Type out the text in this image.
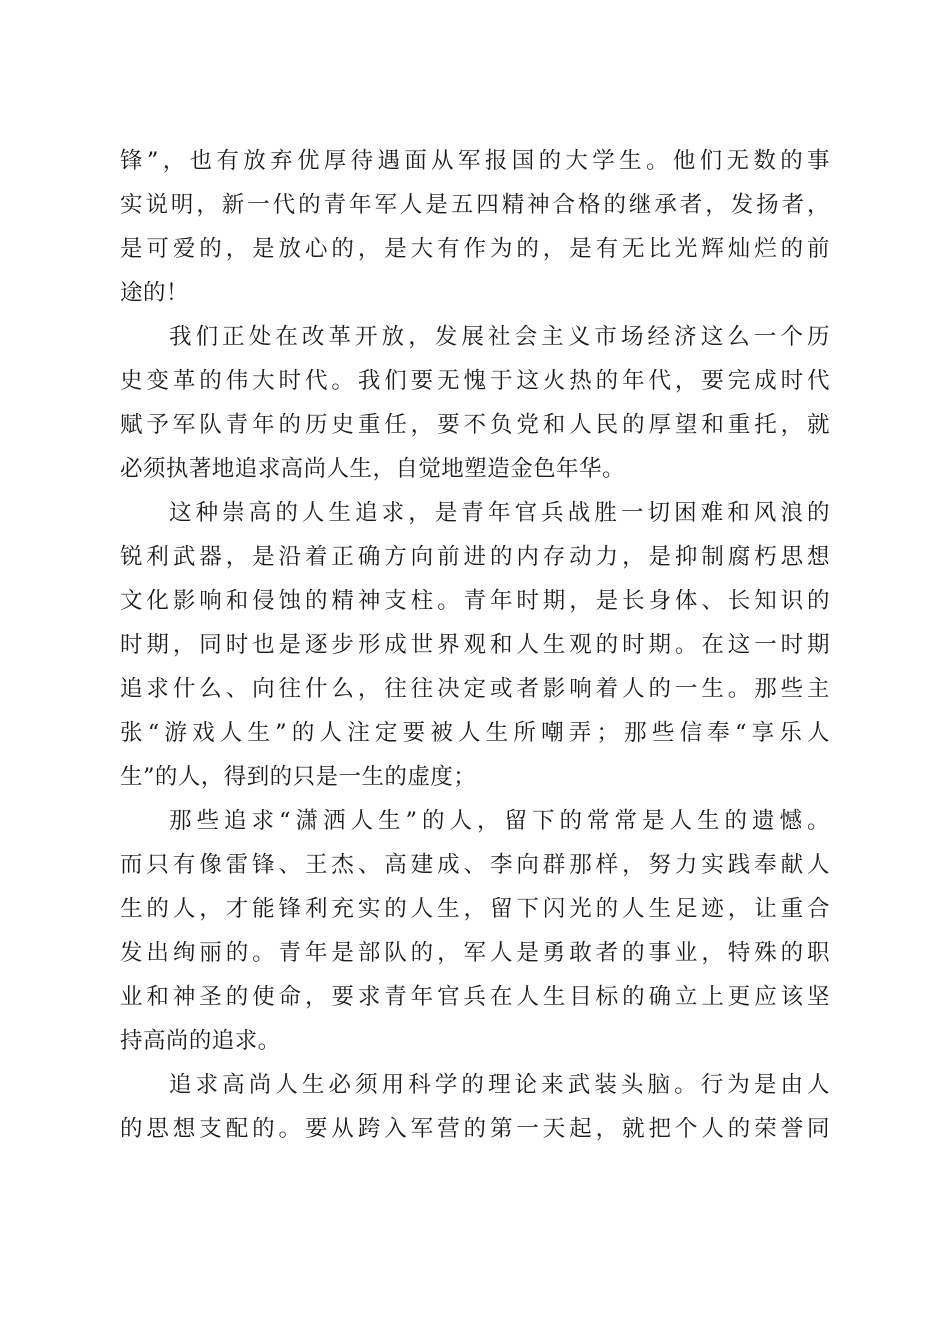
锋”，也有放弃优厚待遇面从军报国的大学生。他们无数的事
实说明，新一代的青年军人是五四精神合格的继承者，发扬者，
是可爱的，是放心的，是大有作为的，是有无比光辉灿烂的前
途的！
我们正处在改革开放，发展社会主义市场经济这么一个历
史变革的伟大时代。我们要无愧于这火热的年代，要完成时代
赋予军队青年的历史重任，要不负党和人民的厚望和重托，就
必须执著地追求高尚人生，自觉地塑造金色年华。
这种崇高的人生追求，是青年官兵战胜一切困难和风浪的
锐利武器，是沿着正确方向前进的内存动力，是抑制腐朽思想
文化影响和侵蚀的精神支柱。青年时期，是长身体、长知识的
时期，同时也是逐步形成世界观和人生观的时期。在这一时期
追求什么、向往什么，往往决定或者影响着人的一生。那些主
张“游戏人生”的人注定要被人生所嘲弄；那些信奉“享乐人
生”的人，得到的只是一生的虚度；
那些追求“潇洒人生”的人，留下的常常是人生的遗憾。
而只有像雷锋、王杰、高建成、李向群那样，努力实践奉献人
生的人，才能锋利充实的人生，留下闪光的人生足迹，让重合
发出绚丽的。青年是部队的，军人是勇敢者的事业，特殊的职
业和神圣的使命，要求青年官兵在人生目标的确立上更应该坚
持高尚的追求。
追求高尚人生必须用科学的理论来武装头脑。行为是由人
的思想支配的。要从跨入军营的第一天起，就把个人的荣誉同
